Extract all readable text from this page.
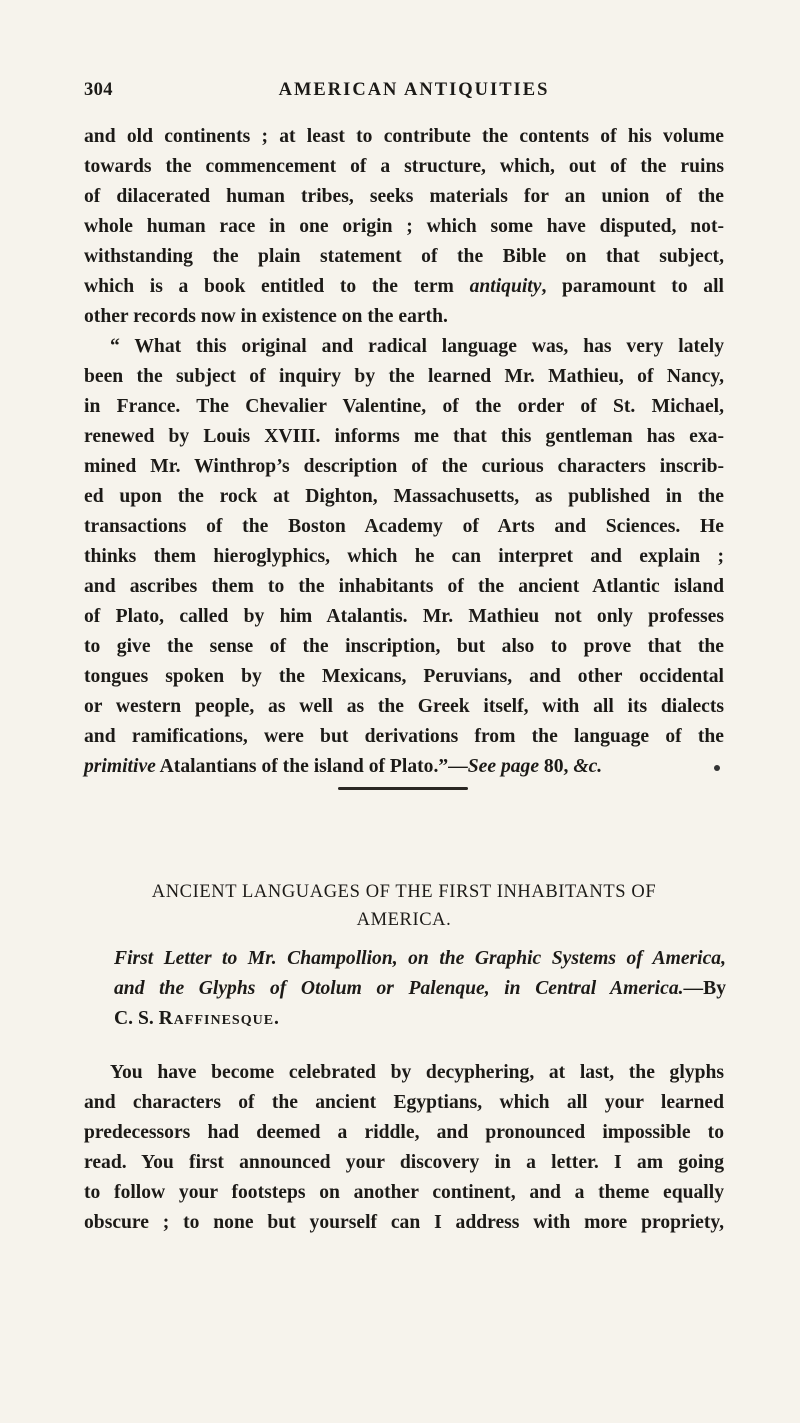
304	AMERICAN ANTIQUITIES
and old continents ; at least to contribute the contents of his volume
towards the commencement of a structure, which, out of the ruins
of dilacerated human tribes, seeks materials for an union of the
whole human race in one origin ; which some have disputed, not-
withstanding the plain statement of the Bible on that subject,
which is a book entitled to the term antiquity, paramount to all
other records now in existence on the earth.
“ What this original and radical language was, has very lately
been the subject of inquiry by the learned Mr. Mathieu, of Nancy,
in France. The Chevalier Valentine, of the order of St. Michael,
renewed by Louis XVIII. informs me that this gentleman has exa-
mined Mr. Winthrop’s description of the curious characters inscrib-
ed upon the rock at Dighton, Massachusetts, as published in the
transactions of the Boston Academy of Arts and Sciences. He
thinks them hieroglyphics, which he can interpret and explain ;
and ascribes them to the inhabitants of the ancient Atlantic island
of Plato, called by him Atalantis. Mr. Mathieu not only professes
to give the sense of the inscription, but also to prove that the
tongues spoken by the Mexicans, Peruvians, and other occidental
or western people, as well as the Greek itself, with all its dialects
and ramifications, were but derivations from the language of the
primitive Atalantians of the island of Plato.”—See page 80, &c.
ANCIENT LANGUAGES OF THE FIRST INHABITANTS OF
AMERICA.
First Letter to Mr. Champollion, on the Graphic Systems of America,
and the Glyphs of Otolum or Palenque, in Central America.—By
C. S. Raffinesque.
You have become celebrated by decyphering, at last, the glyphs
and characters of the ancient Egyptians, which all your learned
predecessors had deemed a riddle, and pronounced impossible to
read. You first announced your discovery in a letter. I am going
to follow your footsteps on another continent, and a theme equally
obscure ; to none but yourself can I address with more propriety,
